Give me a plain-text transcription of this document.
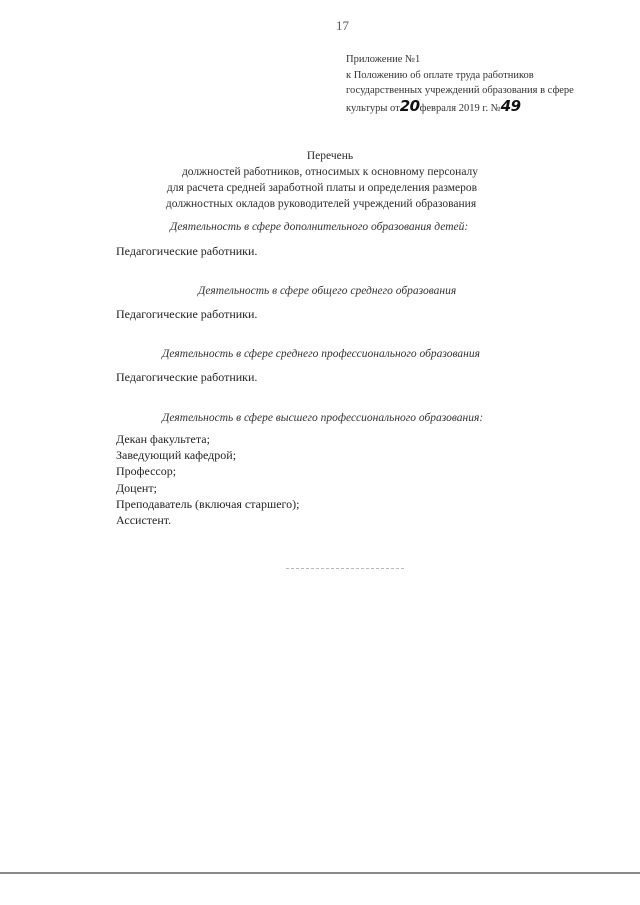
17
Приложение №1
к Положению об оплате труда работников
государственных учреждений образования в сфере
культуры от20февраля 2019 г. №49
Перечень
должностей работников, относимых к основному персоналу
для расчета средней заработной платы и определения размеров
должностных окладов руководителей учреждений образования
Деятельность в сфере дополнительного образования детей:
Педагогические работники.
Деятельность в сфере общего среднего образования
Педагогические работники.
Деятельность в сфере среднего профессионального образования
Педагогические работники.
Деятельность в сфере высшего профессионального образования:
Декан факультета;
Заведующий кафедрой;
Профессор;
Доцент;
Преподаватель (включая старшего);
Ассистент.
